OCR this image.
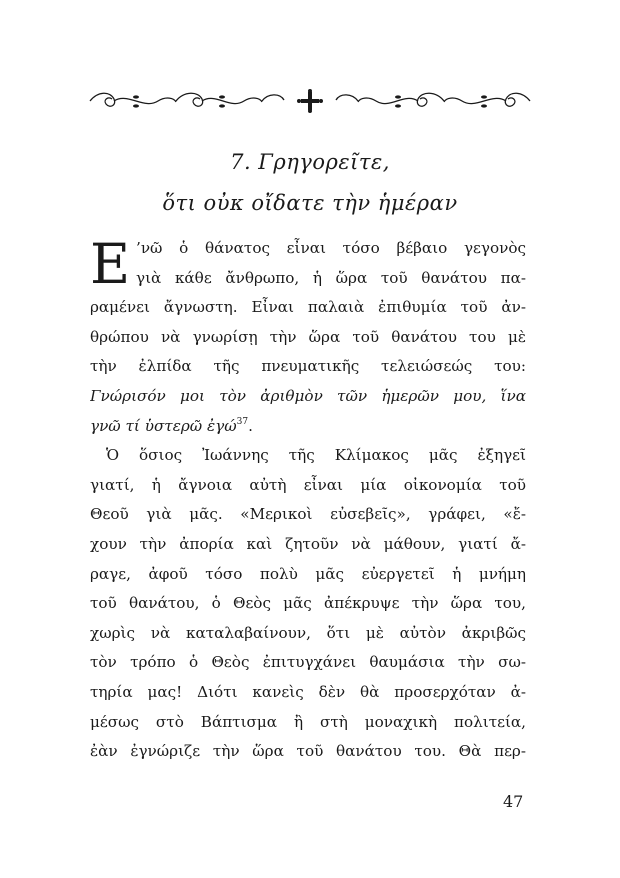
7. Γρηγορεῖτε,
ὅτι οὐκ οἴδατε τὴν ἡμέραν
Ε ’νῶ ὁ θάνατος εἶναι τόσο βέβαιο γεγονὸς
γιὰ κάθε ἄνθρωπο, ἡ ὥρα τοῦ θανάτου πα-
ραμένει ἄγνωστη. Εἶναι παλαιὰ ἐπιθυμία τοῦ ἀν-
θρώπου νὰ γνωρίσῃ τὴν ὥρα τοῦ θανάτου του μὲ
τὴν ἐλπίδα τῆς πνευματικῆς τελειώσεώς του:
Γνώρισόν μοι τὸν ἀριθμὸν τῶν ἡμερῶν μου, ἵνα
γνῶ τί ὑστερῶ ἐγώ$^{37}$.
Ὁ ὅσιος Ἰωάννης τῆς Κλίμακος μᾶς ἐξηγεῖ
γιατί, ἡ ἄγνοια αὐτὴ εἶναι μία οἰκονομία τοῦ
Θεοῦ γιὰ μᾶς. «Μερικοὶ εὐσεβεῖς», γράφει, «ἔ-
χουν τὴν ἀπορία καὶ ζητοῦν νὰ μάθουν, γιατί ἄ-
ραγε, ἀφοῦ τόσο πολὺ μᾶς εὐεργετεῖ ἡ μνήμη
τοῦ θανάτου, ὁ Θεὸς μᾶς ἀπέκρυψε τὴν ὥρα του,
χωρὶς νὰ καταλαβαίνουν, ὅτι μὲ αὐτὸν ἀκριβῶς
τὸν τρόπο ὁ Θεὸς ἐπιτυγχάνει θαυμάσια τὴν σω-
τηρία μας! Διότι κανεὶς δὲν θὰ προσερχόταν ἀ-
μέσως στὸ Βάπτισμα ἢ στὴ μοναχικὴ πολιτεία,
ἐὰν ἐγνώριζε τὴν ὥρα τοῦ θανάτου του. Θὰ περ-
47
